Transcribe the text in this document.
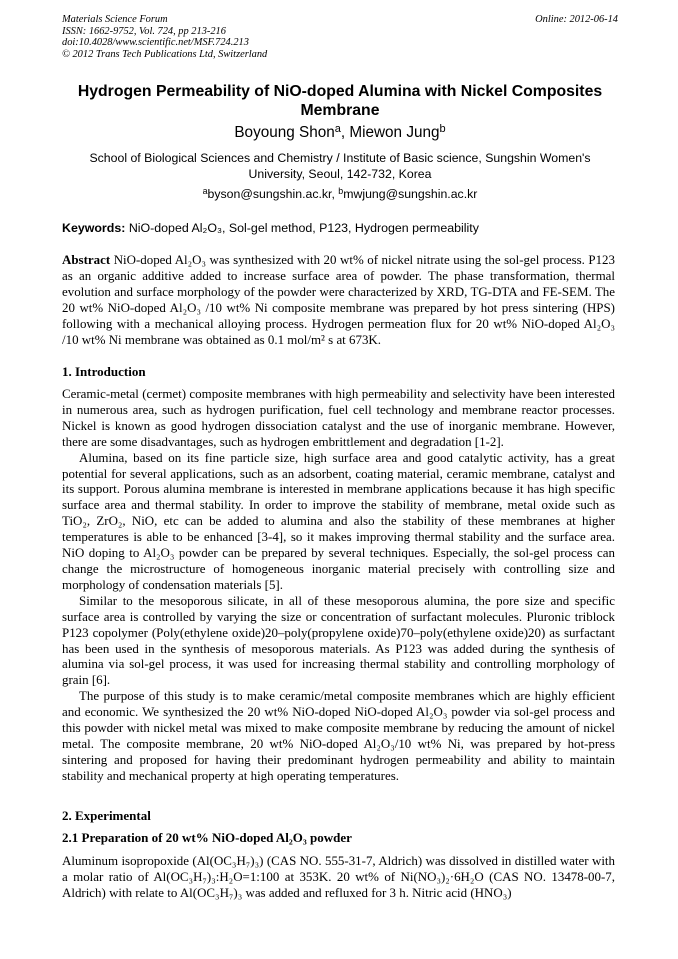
Materials Science Forum
ISSN: 1662-9752, Vol. 724, pp 213-216
doi:10.4028/www.scientific.net/MSF.724.213
© 2012 Trans Tech Publications Ltd, Switzerland
Online: 2012-06-14
Hydrogen Permeability of NiO-doped Alumina with Nickel Composites Membrane
Boyoung Shon$^a$, Miewon Jung$^b$
School of Biological Sciences and Chemistry / Institute of Basic science, Sungshin Women's University, Seoul, 142-732, Korea
$^a$byson@sungshin.ac.kr, $^b$mwjung@sungshin.ac.kr
Keywords: NiO-doped Al₂O₃, Sol-gel method, P123, Hydrogen permeability

Abstract NiO-doped Al₂O₃ was synthesized with 20 wt% of nickel nitrate using the sol-gel process. P123 as an organic additive added to increase surface area of powder. The phase transformation, thermal evolution and surface morphology of the powder were characterized by XRD, TG-DTA and FE-SEM. The 20 wt% NiO-doped Al₂O₃ /10 wt% Ni composite membrane was prepared by hot press sintering (HPS) following with a mechanical alloying process. Hydrogen permeation flux for 20 wt% NiO-doped Al₂O₃ /10 wt% Ni membrane was obtained as 0.1 mol/m² s at 673K.

1. Introduction

Ceramic-metal (cermet) composite membranes with high permeability and selectivity have been interested in numerous area, such as hydrogen purification, fuel cell technology and membrane reactor processes. Nickel is known as good hydrogen dissociation catalyst and the use of inorganic membrane. However, there are some disadvantages, such as hydrogen embrittlement and degradation [1-2].

Alumina, based on its fine particle size, high surface area and good catalytic activity, has a great potential for several applications, such as an adsorbent, coating material, ceramic membrane, catalyst and its support. Porous alumina membrane is interested in membrane applications because it has high specific surface area and thermal stability. In order to improve the stability of membrane, metal oxide such as TiO₂, ZrO₂, NiO, etc can be added to alumina and also the stability of these membranes at higher temperatures is able to be enhanced [3-4], so it makes improving thermal stability and the surface area. NiO doping to Al₂O₃ powder can be prepared by several techniques. Especially, the sol-gel process can change the microstructure of homogeneous inorganic material precisely with controlling size and morphology of condensation materials [5].

Similar to the mesoporous silicate, in all of these mesoporous alumina, the pore size and specific surface area is controlled by varying the size or concentration of surfactant molecules. Pluronic triblock P123 copolymer (Poly(ethylene oxide)20–poly(propylene oxide)70–poly(ethylene oxide)20) as surfactant has been used in the synthesis of mesoporous materials. As P123 was added during the synthesis of alumina via sol-gel process, it was used for increasing thermal stability and controlling morphology of grain [6].

The purpose of this study is to make ceramic/metal composite membranes which are highly efficient and economic. We synthesized the 20 wt% NiO-doped NiO-doped Al₂O₃ powder via sol-gel process and this powder with nickel metal was mixed to make composite membrane by reducing the amount of nickel metal. The composite membrane, 20 wt% NiO-doped Al₂O₃/10 wt% Ni, was prepared by hot-press sintering and proposed for having their predominant hydrogen permeability and ability to maintain stability and mechanical property at high operating temperatures.

2. Experimental
2.1 Preparation of 20 wt% NiO-doped Al₂O₃ powder

Aluminum isopropoxide (Al(OC₃H₇)₃) (CAS NO. 555-31-7, Aldrich) was dissolved in distilled water with a molar ratio of Al(OC₃H₇)₃:H₂O=1:100 at 353K. 20 wt% of Ni(NO₃)₂·6H₂O (CAS NO. 13478-00-7, Aldrich) with relate to Al(OC₃H₇)₃ was added and refluxed for 3 h. Nitric acid (HNO₃)
